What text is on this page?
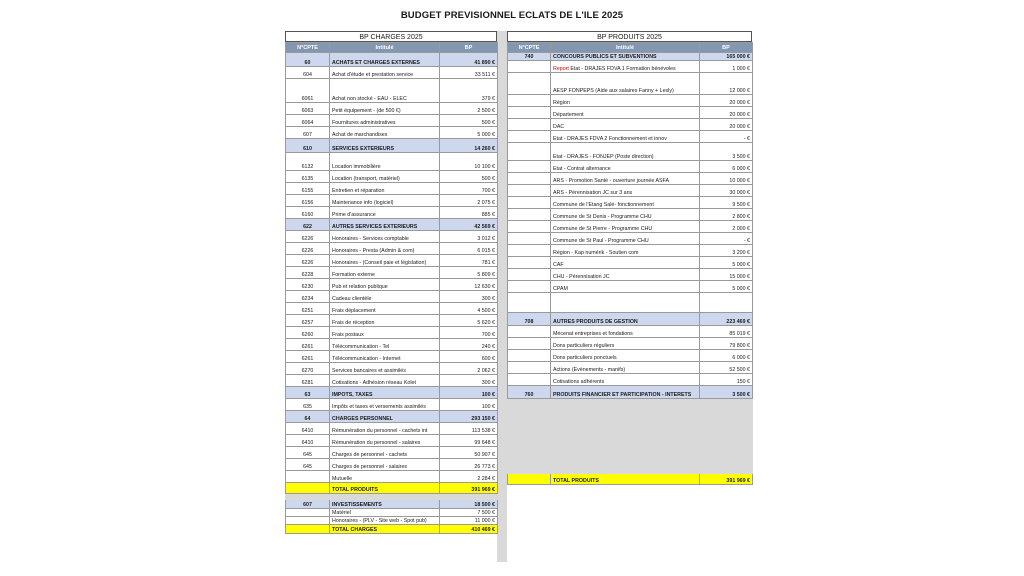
BUDGET PREVISIONNEL ECLATS DE L'ILE 2025
BP CHARGES 2025
N°CPTE	Intitulé	BP
60	ACHATS ET CHARGES EXTERNES	41 890 €
604	Achat d'étude et prestation service	33 511 €
6061	Achat non stocké - EAU - ELEC	379 €
6063	Petit équipement - (de 500 €)	2 500 €
6064	Fournitures administratives	500 €
607	Achat de marchandises	5 000 €
610	SERVICES EXTERIEURS	14 260 €
6132	Location immobilière	10 100 €
6135	Location (transport, matériel)	500 €
6155	Entretien et réparation	700 €
6156	Maintenance info (logiciel)	2 075 €
6160	Prime d'assurance	885 €
622	AUTRES SERVICES EXTERIEURS	42 569 €
6226	Honoraires - Services comptable	3 012 €
6226	Honoraires - Presta (Admin & com)	6 015 €
6226	Honoraires - (Conseil paie et législation)	781 €
6228	Formation externe	5 809 €
6230	Pub et relation publique	12 630 €
6234	Cadeau clientèle	300 €
6251	Frais déplacement	4 500 €
6257	Frais de réception	5 620 €
6260	Frais postaux	700 €
6261	Télécommunication - Tel	240 €
6261	Télécommunication - Internet	600 €
6270	Services bancaires et assimilés	2 062 €
6281	Cotisations - Adhésion réseau Kolet	300 €
63	IMPOTS, TAXES	100 €
635	Impôts et taxes et versements assimilés	100 €
64	CHARGES PERSONNEL	293 150 €
6410	Rémunération du personnel - cachets int	113 538 €
6410	Rémunération du personnel - salaires	99 648 €
645	Charges de personnel - cachets	50 907 €
645	Charges de personnel - salaires	26 773 €
	Mutuelle	2 284 €
	TOTAL PRODUITS	391 969 €

607	INVESTISSEMENTS	18 500 €
	Matériel	7 500 €
	Honoraires - (PLV - Site web - Spot pub)	11 000 €
	TOTAL CHARGES	410 469 €
BP PRODUITS 2025
N°CPTE	Intitulé	BP
740	CONCOURS PUBLICS ET SUBVENTIONS	165 000 €
	Report Etat - DRAJES FDVA 1 Formation bénévoles	1 000 €
	AESP FONPEPS (Aide aux salaires Fanny + Lesly)	12 000 €
	Région	20 000 €
	Département	20 000 €
	DAC	20 000 €
	Etat - DRAJES FDVA 2 Fonctionnement et innov	- €
	Etat - DRAJES - FONJEP (Poste direction)	3 500 €
	Etat - Contrat alternance	6 000 €
	ARS - Promotion Santé - ouverture journée ASFA	10 000 €
	ARS - Pérennisation JC sur 3 ans	30 000 €
	Commune de l'Etang Salé- fonctionnement	9 500 €
	Commune de St Denis - Programme CHU	2 800 €
	Commune de St Pierre - Programme CHU	2 000 €
	Commune de St Paul - Programme CHU	- €
	Région - Kap numérik - Soutien com	3 200 €
	CAF	5 000 €
	CHU - Pérennisation JC	15 000 €
	CPAM	5 000 €

708	AUTRES PRODUITS DE GESTION	223 469 €
	Mécenat entreprises et fondations	85 019 €
	Dons particuliers réguliers	79 800 €
	Dons particuliers ponctuels	6 000 €
	Actions (Evènements - manifs)	52 500 €
	Cotisations adhérents	150 €
760	PRODUITS FINANCIER ET PARTICIPATION - INTERETS	3 500 €

	TOTAL PRODUITS	391 969 €
